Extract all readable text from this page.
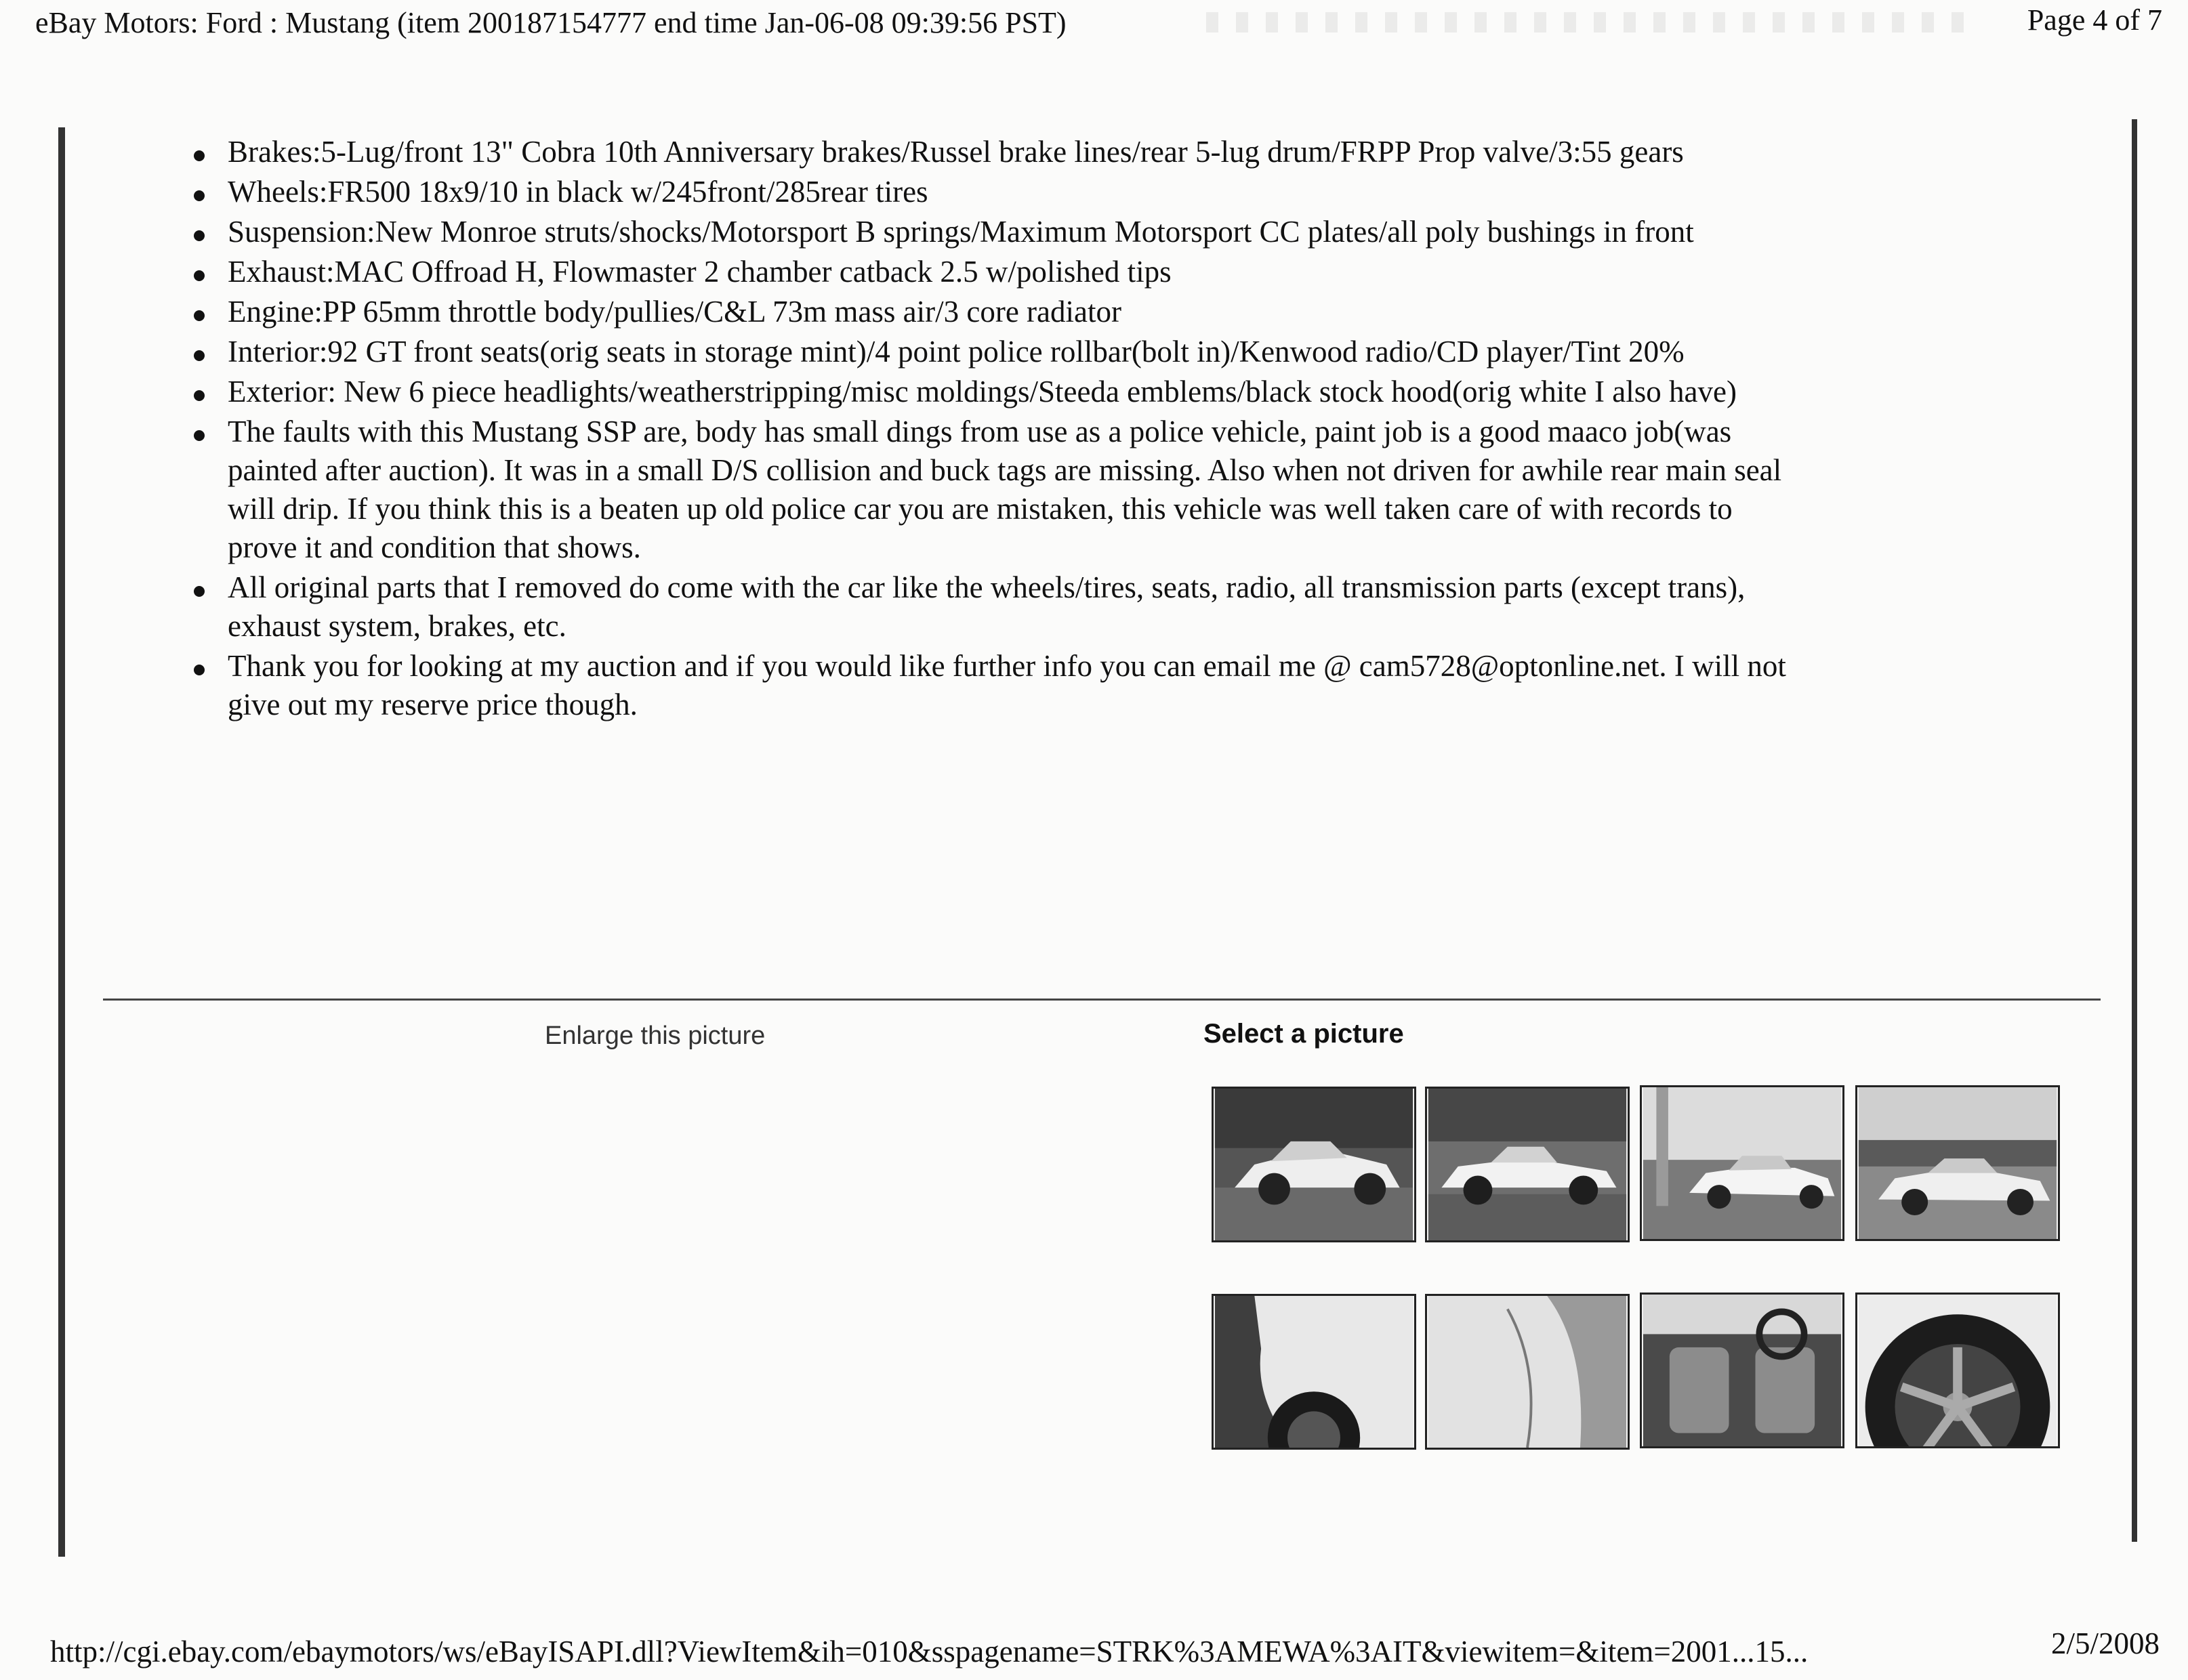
eBay Motors: Ford : Mustang (item 200187154777 end time Jan-06-08 09:39:56 PST)	Page 4 of 7
Brakes:5-Lug/front 13" Cobra 10th Anniversary brakes/Russel brake lines/rear 5-lug drum/FRPP Prop valve/3:55 gears
Wheels:FR500 18x9/10 in black w/245front/285rear tires
Suspension:New Monroe struts/shocks/Motorsport B springs/Maximum Motorsport CC plates/all poly bushings in front
Exhaust:MAC Offroad H, Flowmaster 2 chamber catback 2.5 w/polished tips
Engine:PP 65mm throttle body/pullies/C&L 73m mass air/3 core radiator
Interior:92 GT front seats(orig seats in storage mint)/4 point police rollbar(bolt in)/Kenwood radio/CD player/Tint 20%
Exterior: New 6 piece headlights/weatherstripping/misc moldings/Steeda emblems/black stock hood(orig white I also have)
The faults with this Mustang SSP are, body has small dings from use as a police vehicle, paint job is a good maaco job(was painted after auction). It was in a small D/S collision and buck tags are missing. Also when not driven for awhile rear main seal will drip. If you think this is a beaten up old police car you are mistaken, this vehicle was well taken care of with records to prove it and condition that shows.
All original parts that I removed do come with the car like the wheels/tires, seats, radio, all transmission parts (except trans), exhaust system, brakes, etc.
Thank you for looking at my auction and if you would like further info you can email me @ cam5728@optonline.net. I will not give out my reserve price though.
Enlarge this picture	Select a picture
http://cgi.ebay.com/ebaymotors/ws/eBayISAPI.dll?ViewItem&ih=010&sspagename=STRK%3AMEWA%3AIT&viewitem=&item=2001...15...	2/5/2008
